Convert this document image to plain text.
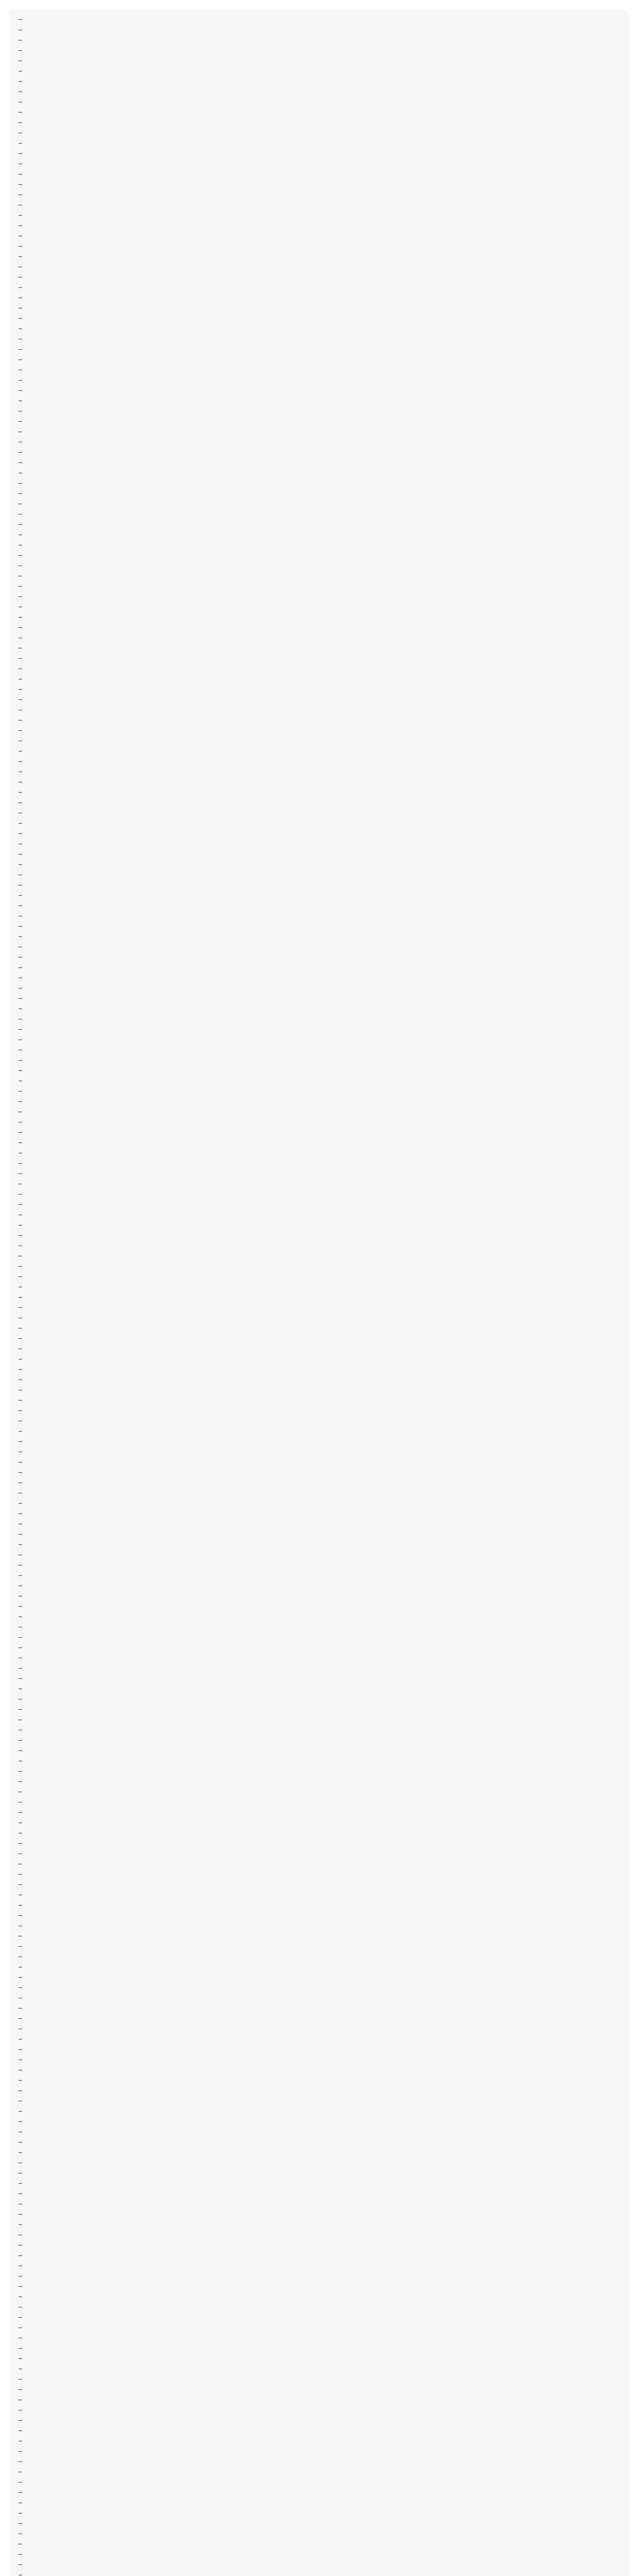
…
…
…
…
…
…
…
…
…
…
…
…
…
…
…
…
…
…
…
…
…
…
…
…
…
…
…
…
…
…
…
…
…
…
…
…
…
…
…
…
…
…
…
…
…
…
…
…
…
…
…
…
…
…
…
…
…
…
…
…
…
…
…
…
…
…
…
…
…
…
…
…
…
…
…
…
…
…
…
…
…
…
…
…
…
…
…
…
…
…
…
…
…
…
…
…
…
…
…
…
…
…
…
…
…
…
…
…
…
…
…
…
…
…
…
…
…
…
…
…
…
…
…
…
…
…
…
…
…
…
…
…
…
…
…
…
…
…
…
…
…
…
…
…
…
…
…
…
…
…
…
…
…
…
…
…
…
…
…
…
…
…
…
…
…
…
…
…
…
…
…
…
…
…
…
…
…
…
…
…
…
…
…
…
…
…
…
…
…
…
…
…
…
…
…
…
…
…
…
…
…
…
…
…
…
…
…
…
…
…
…
…
…
…
…
…
…
…
…
…
…
…
…
…
…
…
…
…
…
…
…
…
…
…
…
…
…
…
…
…
…
…
…
…
…
…
…
…
…
